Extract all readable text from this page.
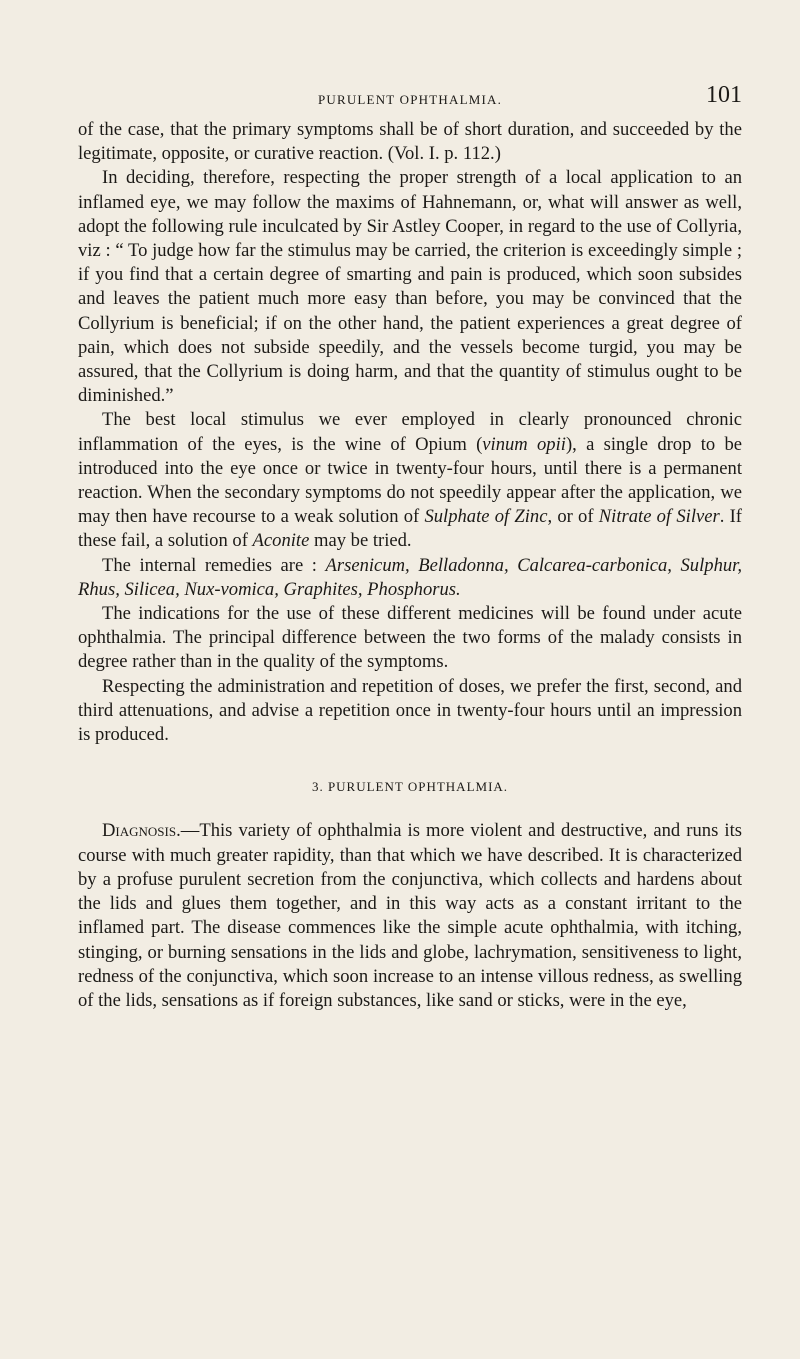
PURULENT OPHTHALMIA.	101

of the case, that the primary symptoms shall be of short duration, and succeeded by the legitimate, opposite, or curative reaction. (Vol. I. p. 112.)

In deciding, therefore, respecting the proper strength of a local application to an inflamed eye, we may follow the maxims of Hahnemann, or, what will answer as well, adopt the following rule inculcated by Sir Astley Cooper, in regard to the use of Collyria, viz : “ To judge how far the stimulus may be carried, the criterion is exceedingly simple ; if you find that a certain degree of smarting and pain is produced, which soon subsides and leaves the patient much more easy than before, you may be convinced that the Collyrium is beneficial; if on the other hand, the patient experiences a great degree of pain, which does not subside speedily, and the vessels become turgid, you may be assured, that the Collyrium is doing harm, and that the quantity of stimulus ought to be diminished.”

The best local stimulus we ever employed in clearly pronounced chronic inflammation of the eyes, is the wine of Opium (vinum opii), a single drop to be introduced into the eye once or twice in twenty-four hours, until there is a permanent reaction. When the secondary symptoms do not speedily appear after the application, we may then have recourse to a weak solution of Sulphate of Zinc, or of Nitrate of Silver. If these fail, a solution of Aconite may be tried.

The internal remedies are : Arsenicum, Belladonna, Calcarea-carbonica, Sulphur, Rhus, Silicea, Nux-vomica, Graphites, Phosphorus.

The indications for the use of these different medicines will be found under acute ophthalmia. The principal difference between the two forms of the malady consists in degree rather than in the quality of the symptoms.

Respecting the administration and repetition of doses, we prefer the first, second, and third attenuations, and advise a repetition once in twenty-four hours until an impression is produced.

3. PURULENT OPHTHALMIA.

Diagnosis.—This variety of ophthalmia is more violent and destructive, and runs its course with much greater rapidity, than that which we have described. It is characterized by a profuse purulent secretion from the conjunctiva, which collects and hardens about the lids and glues them together, and in this way acts as a constant irritant to the inflamed part. The disease commences like the simple acute ophthalmia, with itching, stinging, or burning sensations in the lids and globe, lachrymation, sensitiveness to light, redness of the conjunctiva, which soon increase to an intense villous redness, as swelling of the lids, sensations as if foreign substances, like sand or sticks, were in the eye,
